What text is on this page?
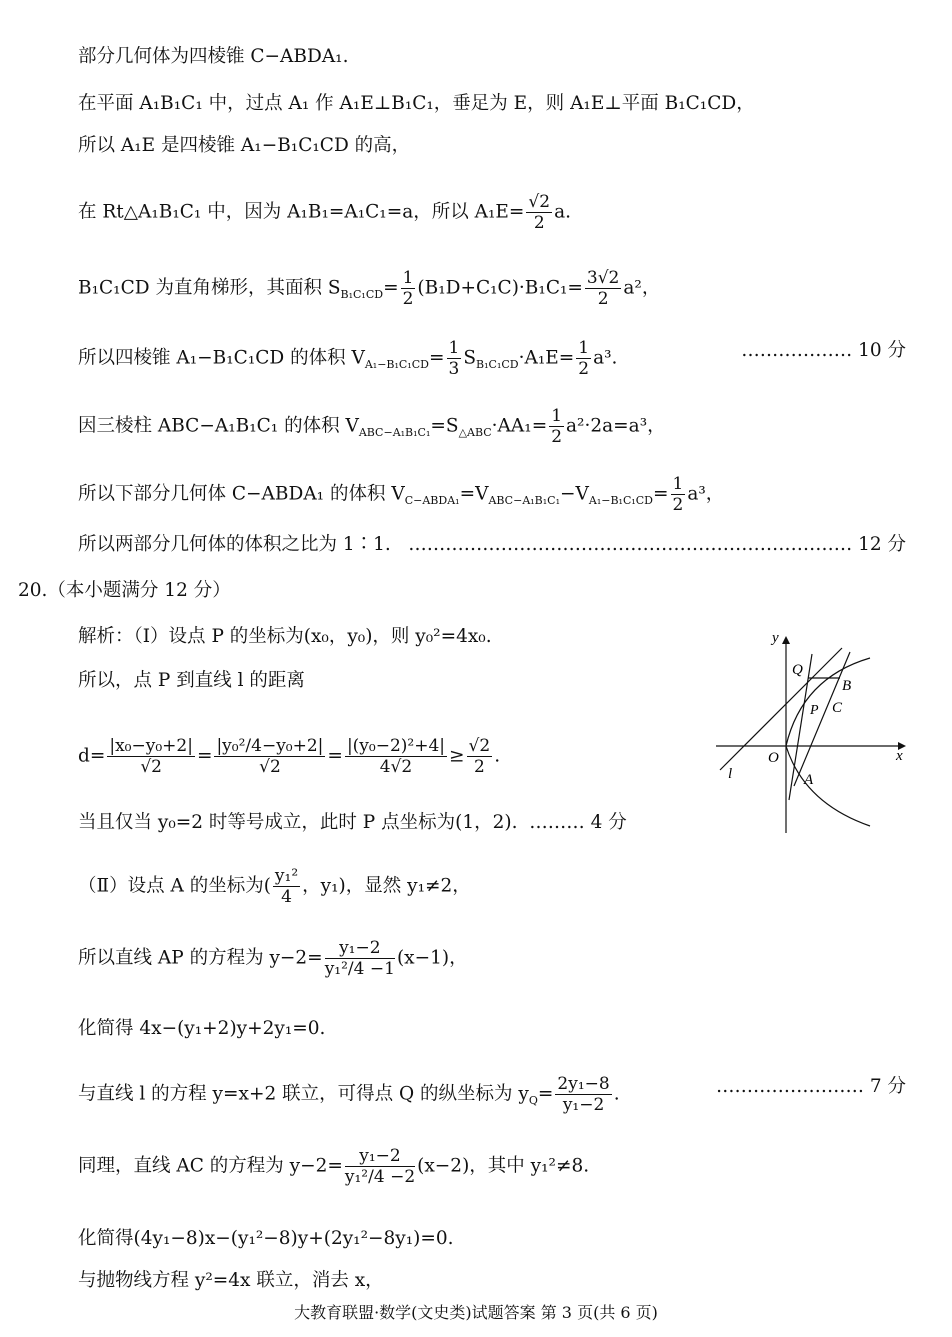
部分几何体为四棱锥 C−ABDA₁.
在平面 A₁B₁C₁ 中，过点 A₁ 作 A₁E⊥B₁C₁，垂足为 E，则 A₁E⊥平面 B₁C₁CD，
所以 A₁E 是四棱锥 A₁−B₁C₁CD 的高，
在 Rt△A₁B₁C₁ 中，因为 A₁B₁=A₁C₁=a，所以 $A_1E= \frac{√2}{2} a$.
B₁C₁CD 为直角梯形，其面积 $S_{B_1C_1CD}= \frac{1}{2} (B_1D+C_1C)\cdot B_1C_1= \frac{3√2}{2} a^2$，
所以四棱锥 A₁−B₁C₁CD 的体积 $V_{A_1-B_1C_1CD}= \frac{1}{3} S_{B_1C_1CD}\cdot A_1E= \frac{1}{2} a^3$.	……………… 10 分
因三棱柱 ABC−A₁B₁C₁ 的体积 $V_{ABC-A_1B_1C_1}=S_{\triangle ABC}\cdot AA_1= \frac{1}{2} a^2\cdot 2a=a^3$，
所以下部分几何体 C−ABDA₁ 的体积 $V_{C-ABDA_1}=V_{ABC-A_1B_1C_1}-V_{A_1-B_1C_1CD}= \frac{1}{2} a^3$，
所以两部分几何体的体积之比为 1∶1. ……………………………………………………………… 12 分
20.（本小题满分 12 分）
解析：（Ⅰ）设点 P 的坐标为(x₀，y₀)，则 y₀²=4x₀.
所以，点 P 到直线 l 的距离
$d= \frac{\text{|x₀−y₀+2|}}{√2} = \frac{\text{|y₀²/4−y₀+2|}}{√2} = \frac{\text{|(y₀−2)²+4|}}{4√2} \ge \frac{√2}{2}$ .
当且仅当 y₀=2 时等号成立，此时 P 点坐标为(1，2). ……… 4 分
（Ⅱ）设点 A 的坐标为( $\frac{\text{y₁²}}{4}$ ，y₁)，显然 y₁≠2，
所以直线 AP 的方程为 $y-2= \frac{\text{y₁−2}}{\text{y₁²/4 −1}} (x-1)$，
化简得 4x−(y₁+2)y+2y₁=0.
与直线 l 的方程 y=x+2 联立，可得点 Q 的纵坐标为 $y_Q= \frac{\text{2y₁−8}}{\text{y₁−2}}$ .	…………………… 7 分
同理，直线 AC 的方程为 $y-2= \frac{\text{y₁−2}}{\text{y₁²/4 −2}} (x-2)$，其中 y₁²≠8.
化简得(4y₁−8)x−(y₁²−8)y+(2y₁²−8y₁)=0.
与抛物线方程 y²=4x 联立，消去 x，
y
x
O
Q
B
P C
A
l
大教育联盟·数学(文史类)试题答案 第 3 页(共 6 页)
